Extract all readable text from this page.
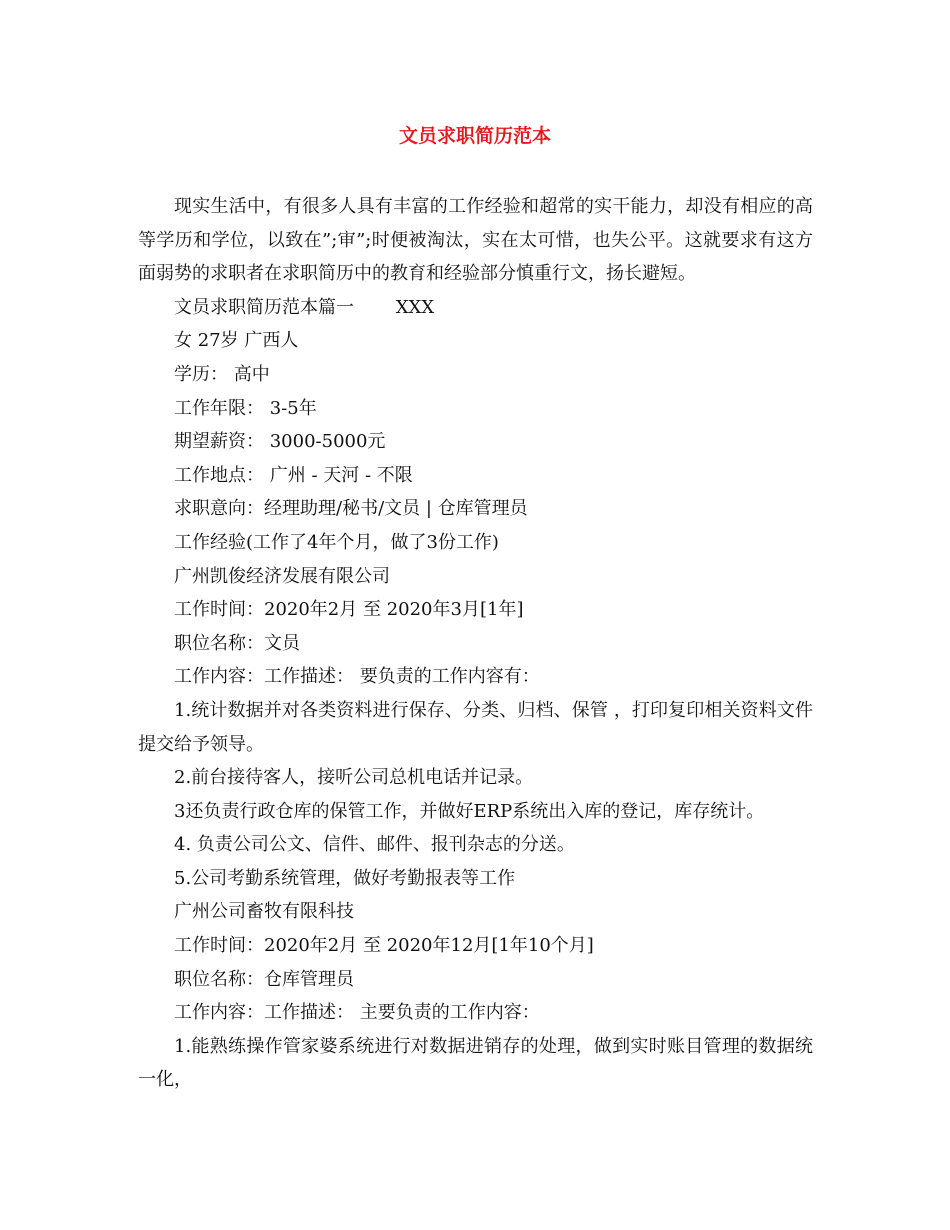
文员求职简历范本

现实生活中，有很多人具有丰富的工作经验和超常的实干能力，却没有相应的高等学历和学位，以致在”;审”;时便被淘汰，实在太可惜，也失公平。这就要求有这方面弱势的求职者在求职简历中的教育和经验部分慎重行文，扬长避短。

文员求职简历范本篇一　　 XXX

女 27岁 广西人

学历： 高中

工作年限： 3-5年

期望薪资： 3000-5000元

工作地点： 广州 - 天河 - 不限

求职意向：经理助理/秘书/文员 | 仓库管理员

工作经验(工作了4年个月，做了3份工作)

广州凯俊经济发展有限公司

工作时间：2020年2月 至 2020年3月[1年]

职位名称：文员

工作内容：工作描述： 要负责的工作内容有：

1.统计数据并对各类资料进行保存、分类、归档、保管 ，打印复印相关资料文件提交给予领导。

2.前台接待客人，接听公司总机电话并记录。

3还负责行政仓库的保管工作，并做好ERP系统出入库的登记，库存统计。

4. 负责公司公文、信件、邮件、报刊杂志的分送。

5.公司考勤系统管理，做好考勤报表等工作

广州公司畜牧有限科技

工作时间：2020年2月 至 2020年12月[1年10个月]

职位名称：仓库管理员

工作内容：工作描述： 主要负责的工作内容：

1.能熟练操作管家婆系统进行对数据进销存的处理，做到实时账目管理的数据统一化，
